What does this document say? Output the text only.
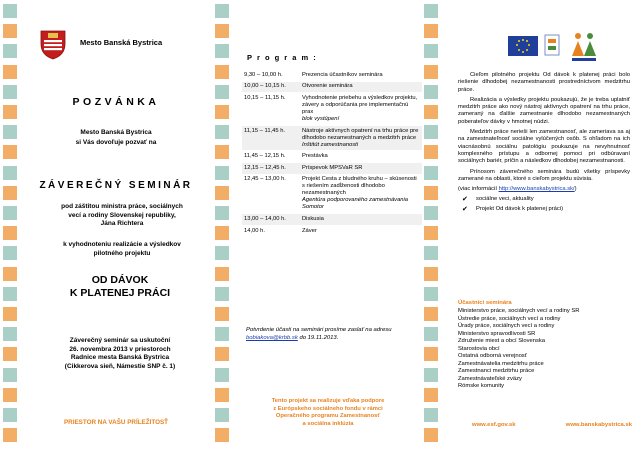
Mesto Banská Bystrica
POZVÁNKA
Mesto Banská Bystrica
si Vás dovoľuje pozvať na
ZÁVEREČNÝ SEMINÁR
pod záštitou ministra práce, sociálnych
vecí a rodiny Slovenskej republiky,
Jána Richtera
k vyhodnoteniu realizácie a výsledkov
pilotného projektu
OD DÁVOK
K PLATENEJ PRÁCI
Záverečný seminár sa uskutoční
26. novembra 2013 v priestoroch
Radnice mesta Banská Bystrica
(Cikkerova sieň, Námestie SNP č. 1)
PRIESTOR NA VAŠU PRÍLEŽITOSŤ
P r o g r a m :
9,30 – 10,00 h.	Prezencia účastníkov seminára
10,00 – 10,15 h.	Otvorenie seminára
10,15 – 11,15 h.	Vyhodnotenie priebehu a výsledkov projektu, závery a odporúčania pre implementačnú prax
blok vystúpení

11,15 – 11,45 h.	Nástroje aktívnych opatrení na trhu práce pre dlhodobo nezamestnaných a medzitrh práce
Inštitút zamestnanosti

11,45 – 12,15 h.	Prestávka
12,15 – 12,45 h.	Príspevok MPSVaR SR
12,45 – 13,00 h.	Projekt Cesta z bludného kruhu – skúsenosti s riešením zadĺženosti dlhodobo nezamestnaných
Agentúra podporovaného zamestnávania Somotor

13,00 – 14,00 h.	Diskusia
14,00 h.	Záver
Potvrdenie účasti na seminári prosíme zaslať na adresu bobiakova@krbb.sk do 19.11.2013.
Tento projekt sa realizuje vďaka podpore
z Európskeho sociálneho fondu v rámci
Operačného programu Zamestnanosť
a sociálna inklúzia

Cieľom pilotného projektu Od dávok k platenej práci bolo riešenie dlhodobej nezamestnanosti prostredníctvom medzitrhu práce.

Realizácia a výsledky projektu poukazujú, že je treba uplatniť medzitrh práce ako nový nástroj aktívnych opatrení na trhu práce, zameraný na ďalšie zamestnanie dlhodobo nezamestnaných poberateľov dávky v hmotnej núdzi.

Medzitrh práce nerieši len zamestnanosť, ale zameriava sa aj na zamestnateľnosť sociálne vylúčených osôb. S ohľadom na ich viacnásobnú sociálnu patológiu poukazuje na nevyhnutnosť komplexného prístupu a odbornej pomoci pri odbúravaní sociálnych bariér, príčin a následkov dlhodobej nezamestnanosti.

Prínosom záverečného seminára budú všetky príspevky zamerané na oblasti, ktoré s cieľom projektu súvisia.

(viac informácií http://www.banskabystrica.sk/)

✔	sociálne veci, aktuality
✔	Projekt Od dávok k platenej práci)
Účastníci seminára
Ministerstvo práce, sociálnych vecí a rodiny SR
Ústredie práce, sociálnych vecí a rodiny
Úrady práce, sociálnych vecí a rodiny
Ministerstvo spravodlivosti SR
Združenie miest a obcí Slovenska
Starostovia obcí
Ostatná odborná verejnosť
Zamestnávatelia medzitrhu práce
Zamestnanci medzitrhu práce
Zamestnávateľské zväzy
Rómske komunity
www.esf.gov.sk	www.banskabystrica.sk
